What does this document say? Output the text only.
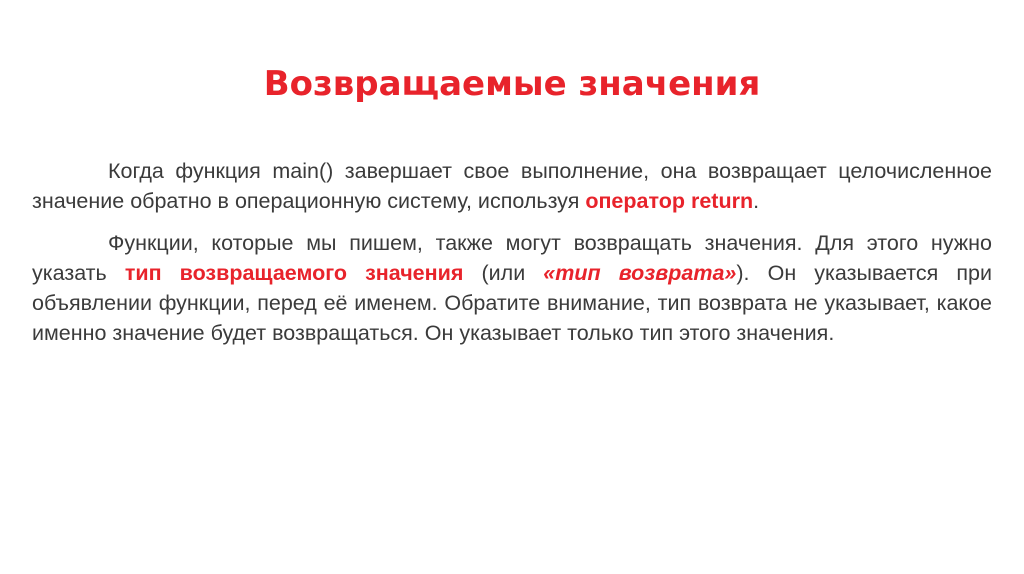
Возвращаемые значения

Когда функция main() завершает свое выполнение, она возвращает целочисленное значение обратно в операционную систему, используя оператор return.

Функции, которые мы пишем, также могут возвращать значения. Для этого нужно указать тип возвращаемого значения (или «тип возврата»). Он указывается при объявлении функции, перед её именем. Обратите внимание, тип возврата не указывает, какое именно значение будет возвращаться. Он указывает только тип этого значения.
